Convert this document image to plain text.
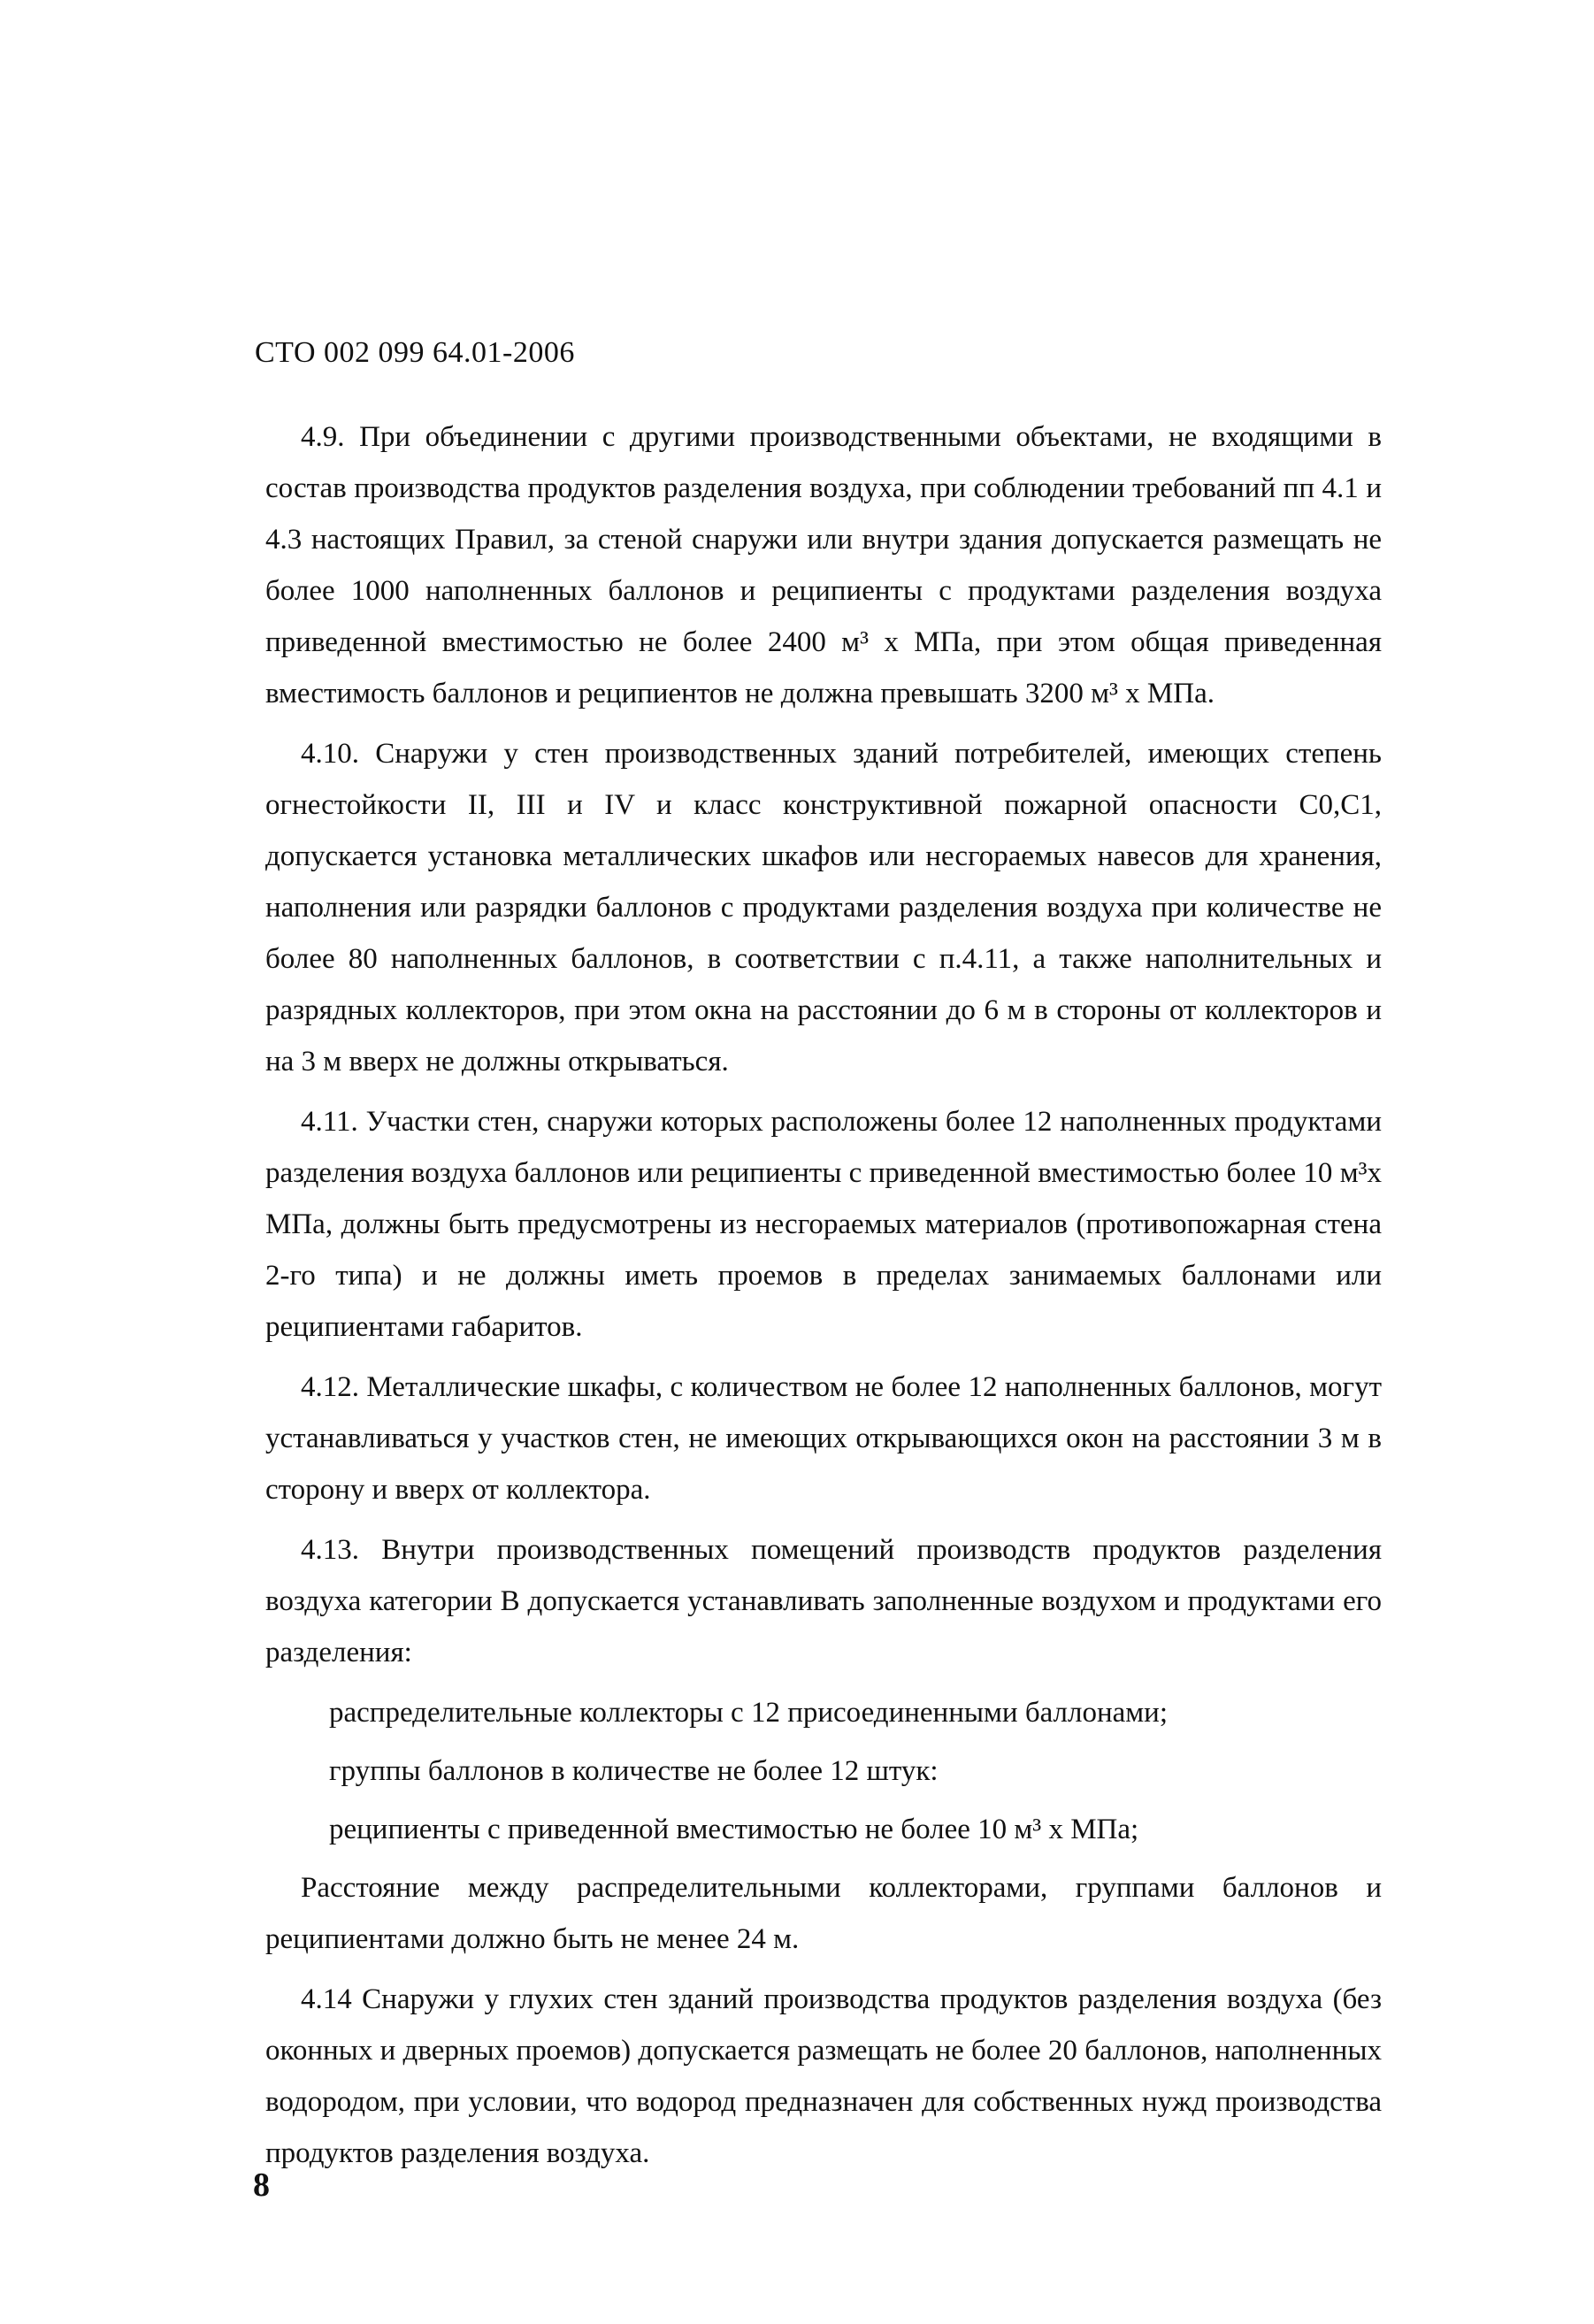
СТО 002 099 64.01-2006

4.9. При объединении с другими производственными объектами, не входящими в состав производства продуктов разделения воздуха, при соблюдении требований пп 4.1 и 4.3 настоящих Правил, за стеной снаружи или внутри здания допускается размещать не более 1000 наполненных баллонов и реципиенты с продуктами разделения воздуха приведенной вместимостью не более 2400 м³ х МПа, при этом общая приведенная вместимость баллонов и реципиентов не должна превышать 3200 м³ х МПа.

4.10. Снаружи у стен производственных зданий потребителей, имеющих степень огнестойкости II, III и IV и класс конструктивной пожарной опасности С0,С1, допускается установка металлических шкафов или несгораемых навесов для хранения, наполнения или разрядки баллонов с продуктами разделения воздуха при количестве не более 80 наполненных баллонов, в соответствии с п.4.11, а также наполнительных и разрядных коллекторов, при этом окна на расстоянии до 6 м в стороны от коллекторов и на 3 м вверх не должны открываться.

4.11. Участки стен, снаружи которых расположены более 12 наполненных продуктами разделения воздуха баллонов или реципиенты с приведенной вместимостью более 10 м³х МПа, должны быть предусмотрены из несгораемых материалов (противопожарная стена 2-го типа) и не должны иметь проемов в пределах занимаемых баллонами или реципиентами габаритов.

4.12. Металлические шкафы, с количеством не более 12 наполненных баллонов, могут устанавливаться у участков стен, не имеющих открывающихся окон на расстоянии 3 м в сторону и вверх от коллектора.

4.13. Внутри производственных помещений производств продуктов разделения воздуха категории В допускается устанавливать заполненные воздухом и продуктами его разделения:

распределительные коллекторы с 12 присоединенными баллонами;

группы баллонов в количестве не более 12 штук:

реципиенты с приведенной вместимостью не более 10 м³ х МПа;

Расстояние между распределительными коллекторами, группами баллонов и реципиентами должно быть не менее 24 м.

4.14 Снаружи у глухих стен зданий производства продуктов разделения воздуха (без оконных и дверных проемов) допускается размещать не более 20 баллонов, наполненных водородом, при условии, что водород предназначен для собственных нужд производства продуктов разделения воздуха.

8
